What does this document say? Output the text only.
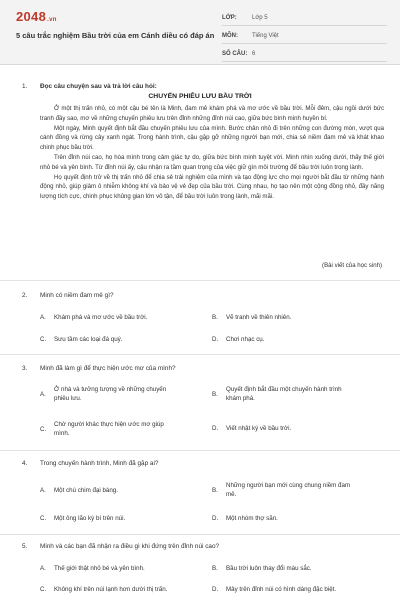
2048.vn
5 câu trắc nghiệm Bầu trời của em Cánh diều có đáp án
LỚP:	Lớp 5
MÔN:	Tiếng Việt
SỐ CÂU: 6
1.	Đọc câu chuyện sau và trả lời câu hỏi:
CHUYẾN PHIÊU LƯU BẦU TRỜI

Ở một thị trấn nhỏ, có một cậu bé tên là Minh, đam mê khám phá và mơ ước về bầu trời. Mỗi đêm, cậu ngồi dưới bức tranh đầy sao, mơ về những chuyến phiêu lưu trên đỉnh những đỉnh núi cao, giữa bức bình minh huyền bí.

Một ngày, Minh quyết định bắt đầu chuyến phiêu lưu của mình. Bước chân nhỏ đi trên những con đường mòn, vượt qua cánh đồng và rừng cây xanh ngát. Trong hành trình, cậu gặp gỡ những người bạn mới, chia sẻ niềm đam mê và khát khao chinh phục bầu trời.

Trên đỉnh núi cao, họ hòa mình trong cảm giác tự do, giữa bức bình minh tuyệt vời. Minh nhìn xuống dưới, thấy thế giới nhỏ bé và yên bình. Từ đỉnh núi ấy, cậu nhận ra tầm quan trọng của việc giữ gìn môi trường để bầu trời luôn trong lành.

Họ quyết định trở về thị trấn nhỏ để chia sẻ trải nghiệm của mình và tạo động lực cho mọi người bắt đầu từ những hành động nhỏ, giúp giảm ô nhiễm không khí và bảo vệ vẻ đẹp của bầu trời. Cùng nhau, họ tạo nên một cộng đồng nhỏ, đầy năng lượng tích cực, chinh phục khủng gian lớn vô tận, để bầu trời luôn trong lành, mãi mãi.

(Bài viết của học sinh)
2.	Minh có niềm đam mê gì?
A.	Khám phá và mơ ước về bầu trời.	B.	Vẽ tranh về thiên nhiên.
C.	Sưu tầm các loại đá quý.	D.	Chơi nhạc cụ.
3.	Minh đã làm gì để thực hiện ước mơ của mình?
A.
Ở nhà và tưởng tượng về những chuyến phiêu lưu.
B.
Quyết định bắt đầu một chuyến hành trình khám phá.
C.
Chờ người khác thực hiện ước mơ giúp mình.
D.	Viết nhật ký về bầu trời.
4.	Trong chuyến hành trình, Minh đã gặp ai?
A.	Một chú chim đại bàng.	B.
Những người bạn mới cùng chung niềm đam mê.
C.	Một ông lão kỳ bí trên núi.	D.	Một nhóm thợ săn.
5.	Minh và các bạn đã nhận ra điều gì khi đứng trên đỉnh núi cao?
A.	Thế giới thật nhỏ bé và yên bình.	B.	Bầu trời luôn thay đổi màu sắc.
C.	Không khí trên núi lạnh hơn dưới thị trấn.	D.	Mây trên đỉnh núi có hình dáng đặc biệt.
